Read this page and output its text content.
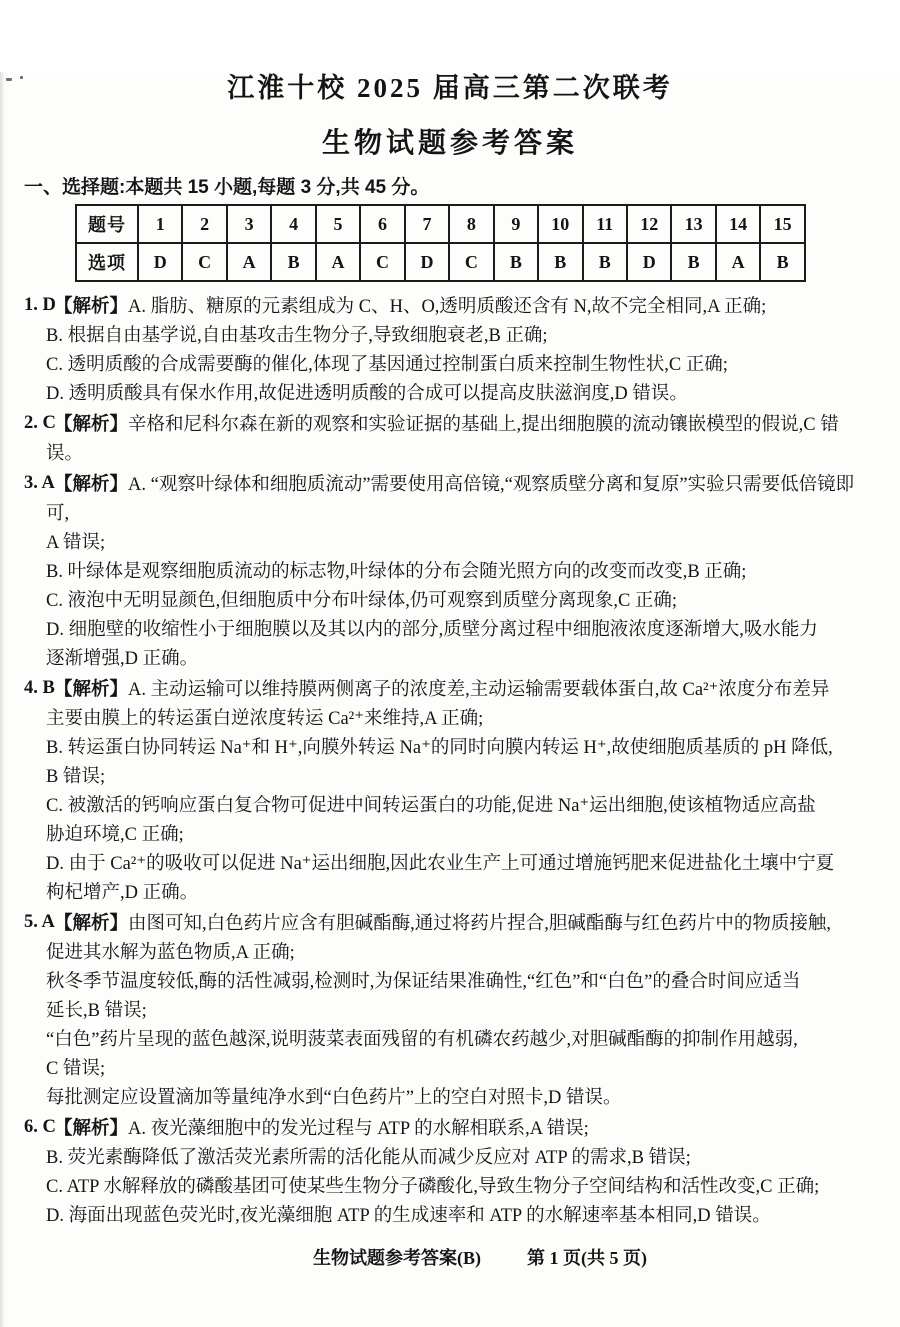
江淮十校 2025 届高三第二次联考
生物试题参考答案
一、选择题:本题共 15 小题,每题 3 分,共 45 分。
题号	1	2	3	4	5	6	7	8	9	10	11	12	13	14	15
选项	D	C	A	B	A	C	D	C	B	B	B	D	B	A	B
1. D
【解析】A. 脂肪、糖原的元素组成为 C、H、O,透明质酸还含有 N,故不完全相同,A 正确;
B. 根据自由基学说,自由基攻击生物分子,导致细胞衰老,B 正确;
C. 透明质酸的合成需要酶的催化,体现了基因通过控制蛋白质来控制生物性状,C 正确;
D. 透明质酸具有保水作用,故促进透明质酸的合成可以提高皮肤滋润度,D 错误。
2. C
【解析】辛格和尼科尔森在新的观察和实验证据的基础上,提出细胞膜的流动镶嵌模型的假说,C 错误。
3. A 【解析】A. “观察叶绿体和细胞质流动”需要使用高倍镜,“观察质壁分离和复原”实验只需要低倍镜即可,
A 错误;
B. 叶绿体是观察细胞质流动的标志物,叶绿体的分布会随光照方向的改变而改变,B 正确;
C. 液泡中无明显颜色,但细胞质中分布叶绿体,仍可观察到质壁分离现象,C 正确;
D. 细胞壁的收缩性小于细胞膜以及其以内的部分,质壁分离过程中细胞液浓度逐渐增大,吸水能力
逐渐增强,D 正确。
4. B 【解析】A. 主动运输可以维持膜两侧离子的浓度差,主动运输需要载体蛋白,故 Ca²⁺浓度分布差异
主要由膜上的转运蛋白逆浓度转运 Ca²⁺来维持,A 正确;
B. 转运蛋白协同转运 Na⁺和 H⁺,向膜外转运 Na⁺的同时向膜内转运 H⁺,故使细胞质基质的 pH 降低,
B 错误;
C. 被激活的钙响应蛋白复合物可促进中间转运蛋白的功能,促进 Na⁺运出细胞,使该植物适应高盐
胁迫环境,C 正确;
D. 由于 Ca²⁺的吸收可以促进 Na⁺运出细胞,因此农业生产上可通过增施钙肥来促进盐化土壤中宁夏
枸杞增产,D 正确。
5. A 【解析】由图可知,白色药片应含有胆碱酯酶,通过将药片捏合,胆碱酯酶与红色药片中的物质接触,
促进其水解为蓝色物质,A 正确;
秋冬季节温度较低,酶的活性减弱,检测时,为保证结果准确性,“红色”和“白色”的叠合时间应适当
延长,B 错误;
“白色”药片呈现的蓝色越深,说明菠菜表面残留的有机磷农药越少,对胆碱酯酶的抑制作用越弱,
C 错误;
每批测定应设置滴加等量纯净水到“白色药片”上的空白对照卡,D 错误。
6. C
【解析】A. 夜光藻细胞中的发光过程与 ATP 的水解相联系,A 错误;
B. 荧光素酶降低了激活荧光素所需的活化能从而减少反应对 ATP 的需求,B 错误;
C. ATP 水解释放的磷酸基团可使某些生物分子磷酸化,导致生物分子空间结构和活性改变,C 正确;
D. 海面出现蓝色荧光时,夜光藻细胞 ATP 的生成速率和 ATP 的水解速率基本相同,D 错误。
生物试题参考答案(B)	第 1 页(共 5 页)
